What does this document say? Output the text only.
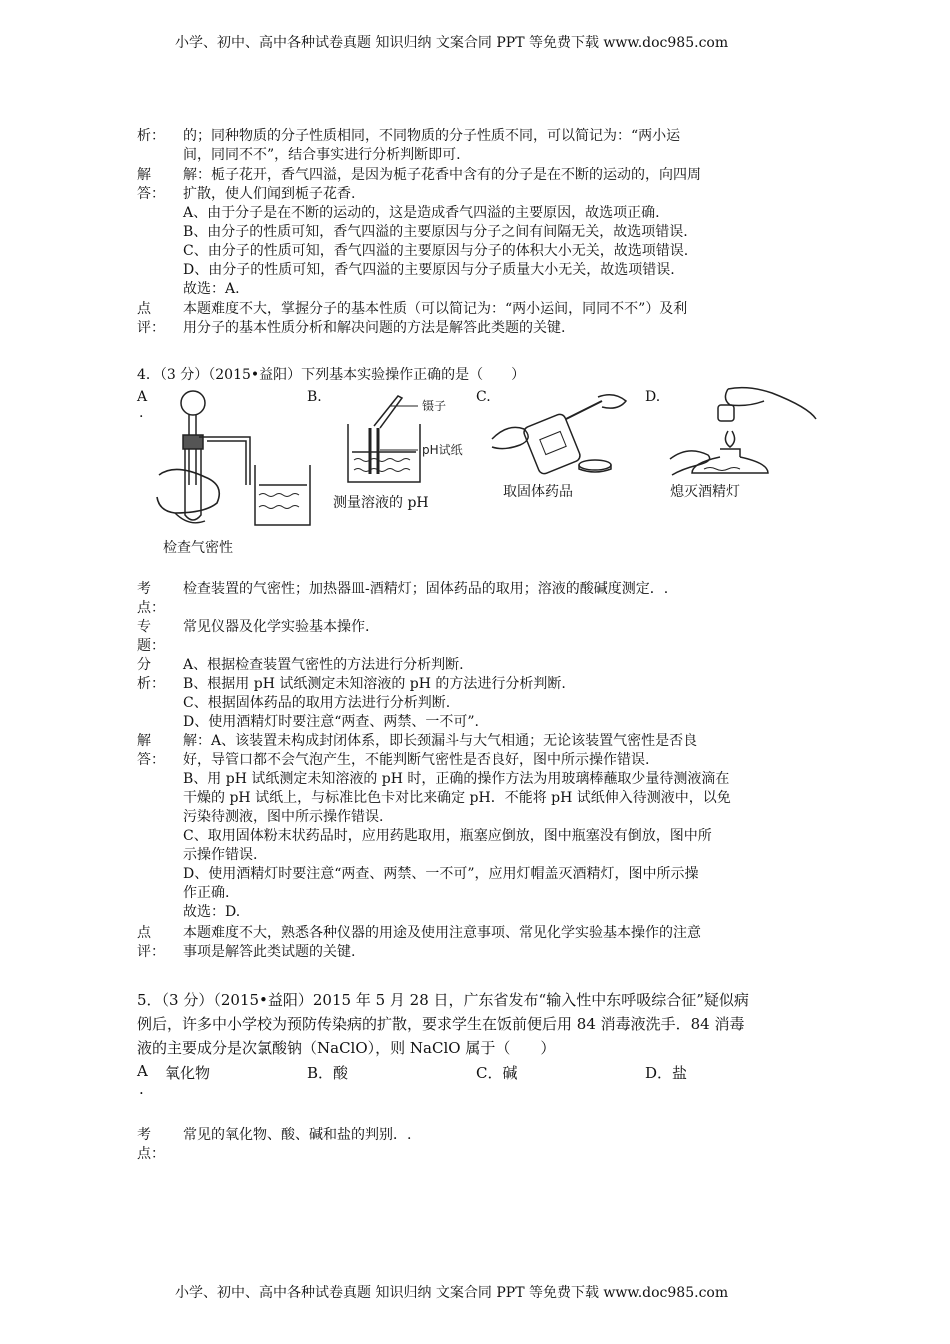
小学、初中、高中各种试卷真题 知识归纳 文案合同 PPT 等免费下载 www.doc985.com
析：	的；同种物质的分子性质相同，不同物质的分子性质不同，可以简记为：“两小运
间，同同不不”，结合事实进行分析判断即可.
解
答：
解：栀子花开，香气四溢，是因为栀子花香中含有的分子是在不断的运动的，向四周
扩散，使人们闻到栀子花香.
A、由于分子是在不断的运动的，这是造成香气四溢的主要原因，故选项正确.
B、由分子的性质可知，香气四溢的主要原因与分子之间有间隔无关，故选项错误.
C、由分子的性质可知，香气四溢的主要原因与分子的体积大小无关，故选项错误.
D、由分子的性质可知，香气四溢的主要原因与分子质量大小无关，故选项错误.
故选：A.
点
评：
本题难度不大，掌握分子的基本性质（可以简记为：“两小运间，同同不不”）及利
用分子的基本性质分析和解决问题的方法是解答此类题的关键.
4．（3 分）（2015•益阳）下列基本实验操作正确的是（　　）
A
.
B.	C.	D.
检查气密性
镊子
pH试纸
测量溶液的 pH
取固体药品	熄灭酒精灯
考
点：
检查装置的气密性；加热器皿-酒精灯；固体药品的取用；溶液的酸碱度测定．.
专
题：
常见仪器及化学实验基本操作.
分
析：
A、根据检查装置气密性的方法进行分析判断.
B、根据用 pH 试纸测定未知溶液的 pH 的方法进行分析判断.
C、根据固体药品的取用方法进行分析判断.
D、使用酒精灯时要注意“两查、两禁、一不可”.
解
答：
解：A、该装置未构成封闭体系，即长颈漏斗与大气相通；无论该装置气密性是否良
好，导管口都不会气泡产生，不能判断气密性是否良好，图中所示操作错误.
B、用 pH 试纸测定未知溶液的 pH 时，正确的操作方法为用玻璃棒蘸取少量待测液滴在
干燥的 pH 试纸上，与标准比色卡对比来确定 pH．不能将 pH 试纸伸入待测液中，以免
污染待测液，图中所示操作错误.
C、取用固体粉末状药品时，应用药匙取用，瓶塞应倒放，图中瓶塞没有倒放，图中所
示操作错误.
D、使用酒精灯时要注意“两查、两禁、一不可”，应用灯帽盖灭酒精灯，图中所示操
作正确.
故选：D.
点
评：
本题难度不大，熟悉各种仪器的用途及使用注意事项、常见化学实验基本操作的注意
事项是解答此类试题的关键.
5．（3 分）（2015•益阳）2015 年 5 月 28 日，广东省发布“输入性中东呼吸综合征”疑似病
例后，许多中小学校为预防传染病的扩散，要求学生在饭前便后用 84 消毒液洗手．84 消毒
液的主要成分是次氯酸钠（NaClO），则 NaClO 属于（　　）
A 氧化物
.
B．酸	C．碱	D．盐
考
点：
常见的氧化物、酸、碱和盐的判别．.
小学、初中、高中各种试卷真题 知识归纳 文案合同 PPT 等免费下载 www.doc985.com
